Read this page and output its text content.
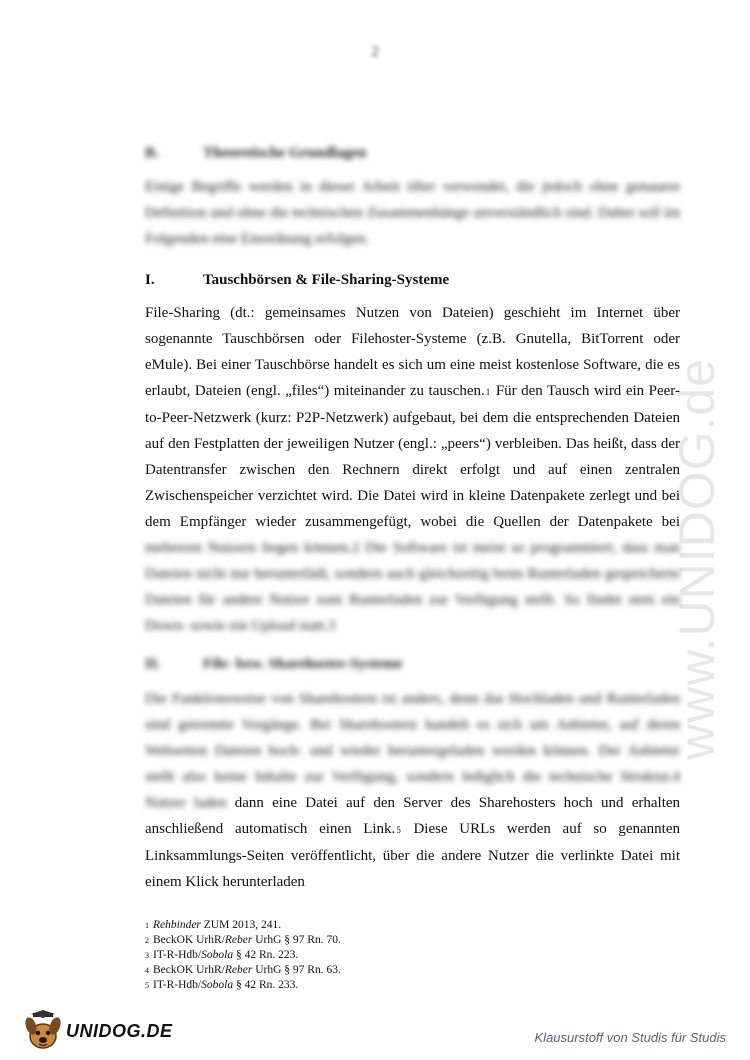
2
www.UNIDOG.de
B.	Theoretische Grundlagen
Einige Begriffe werden in dieser Arbeit öfter verwendet, die jedoch ohne genauere Definition und ohne die technischen Zusammenhänge unverständlich sind. Daher soll im Folgenden eine Einordnung erfolgen.
I.	Tauschbörsen & File-Sharing-Systeme
File-Sharing (dt.: gemeinsames Nutzen von Dateien) geschieht im Internet über sogenannte Tauschbörsen oder Filehoster-Systeme (z.B. Gnutella, BitTorrent oder eMule). Bei einer Tauschbörse handelt es sich um eine meist kostenlose Software, die es erlaubt, Dateien (engl. „files“) miteinander zu tauschen.1 Für den Tausch wird ein Peer-to-Peer-Netzwerk (kurz: P2P-Netzwerk) aufgebaut, bei dem die entsprechenden Dateien auf den Festplatten der jeweiligen Nutzer (engl.: „peers“) verbleiben. Das heißt, dass der Datentransfer zwischen den Rechnern direkt erfolgt und auf einen zentralen Zwischenspeicher verzichtet wird. Die Datei wird in kleine Datenpakete zerlegt und bei dem Empfänger wieder zusammengefügt, wobei die Quellen der Datenpakete bei mehreren Nutzern liegen können.2 Die Software ist meist so programmiert, dass man Dateien nicht nur herunterlädt, sondern auch gleichzeitig beim Runterladen gespeicherte Dateien für andere Nutzer zum Runterladen zur Verfügung stellt. So findet stets ein Down- sowie ein Upload statt.3
II.	File- bzw. Sharehoster-Systeme
Die Funktionsweise von Sharehostern ist anders, denn das Hochladen und Runterladen sind getrennte Vorgänge. Bei Sharehostern handelt es sich um Anbieter, auf deren Webseiten Dateien hoch- und wieder heruntergeladen werden können. Der Anbieter stellt also keine Inhalte zur Verfügung, sondern lediglich die technische Struktur.4 Nutzer laden dann eine Datei auf den Server des Sharehosters hoch und erhalten anschließend automatisch einen Link.5 Diese URLs werden auf so genannten Linksammlungs-Seiten veröffentlicht, über die andere Nutzer die verlinkte Datei mit einem Klick herunterladen
1 Rehbinder ZUM 2013, 241.
2 BeckOK UrhR/Reber UrhG § 97 Rn. 70.
3 IT-R-Hdb/Sobola § 42 Rn. 223.
4 BeckOK UrhR/Reber UrhG § 97 Rn. 63.
5 IT-R-Hdb/Sobola § 42 Rn. 233.
UNIDOG.DE	Klausurstoff von Studis für Studis
